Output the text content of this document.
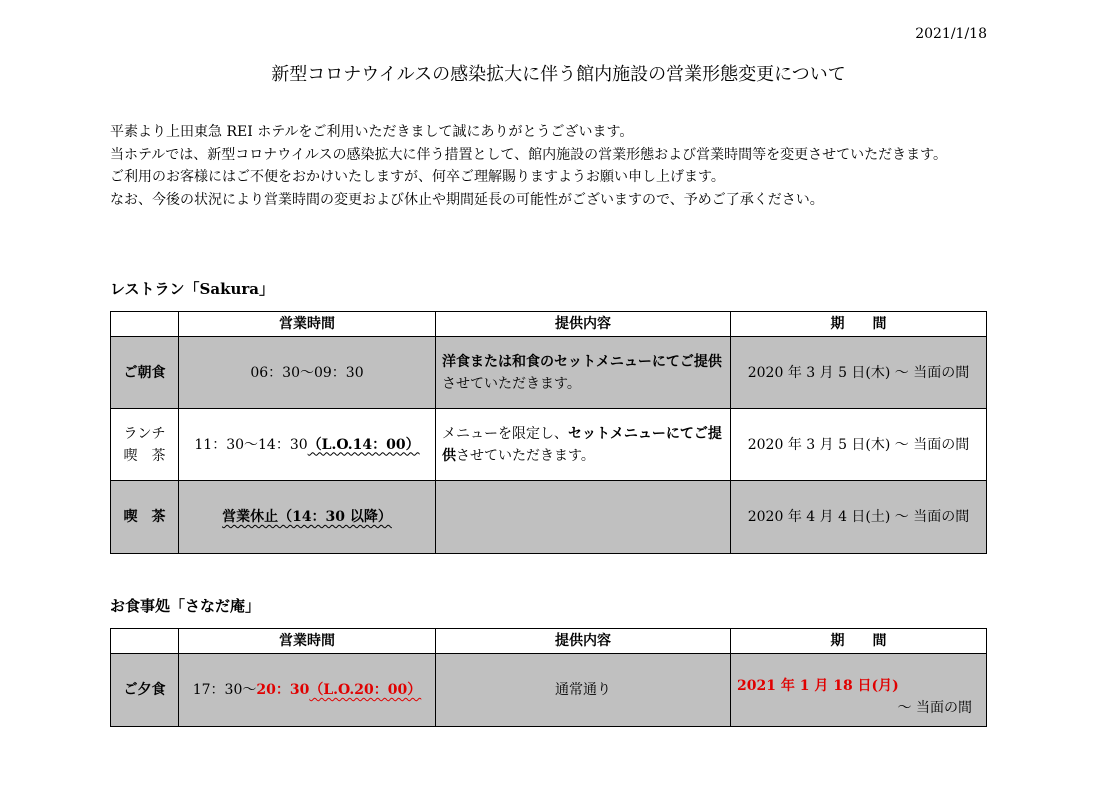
2021/1/18
新型コロナウイルスの感染拡大に伴う館内施設の営業形態変更について

平素より上田東急 REI ホテルをご利用いただきまして誠にありがとうございます。

当ホテルでは、新型コロナウイルスの感染拡大に伴う措置として、館内施設の営業形態および営業時間等を変更させていただきます。

ご利用のお客様にはご不便をおかけいたしますが、何卒ご理解賜りますようお願い申し上げます。

なお、今後の状況により営業時間の変更および休止や期間延長の可能性がございますので、予めご了承ください。

レストラン「Sakura」
	営業時間	提供内容	期　　間
ご朝食	06：30〜09：30	洋食または和食のセットメニューにてご提供させていただきます。	2020 年 3 月 5 日(木) 〜 当面の間
ランチ
喫　茶	11：30〜14：30（L.O.14：00）	メニューを限定し、セットメニューにてご提供させていただきます。	2020 年 3 月 5 日(木) 〜 当面の間
喫　茶	営業休止（14：30 以降）		2020 年 4 月 4 日(土) 〜 当面の間
お食事処「さなだ庵」
	営業時間	提供内容	期　　間
ご夕食	17：30〜20：30（L.O.20：00）	通常通り	2021 年 1 月 18 日(月)
〜 当面の間
